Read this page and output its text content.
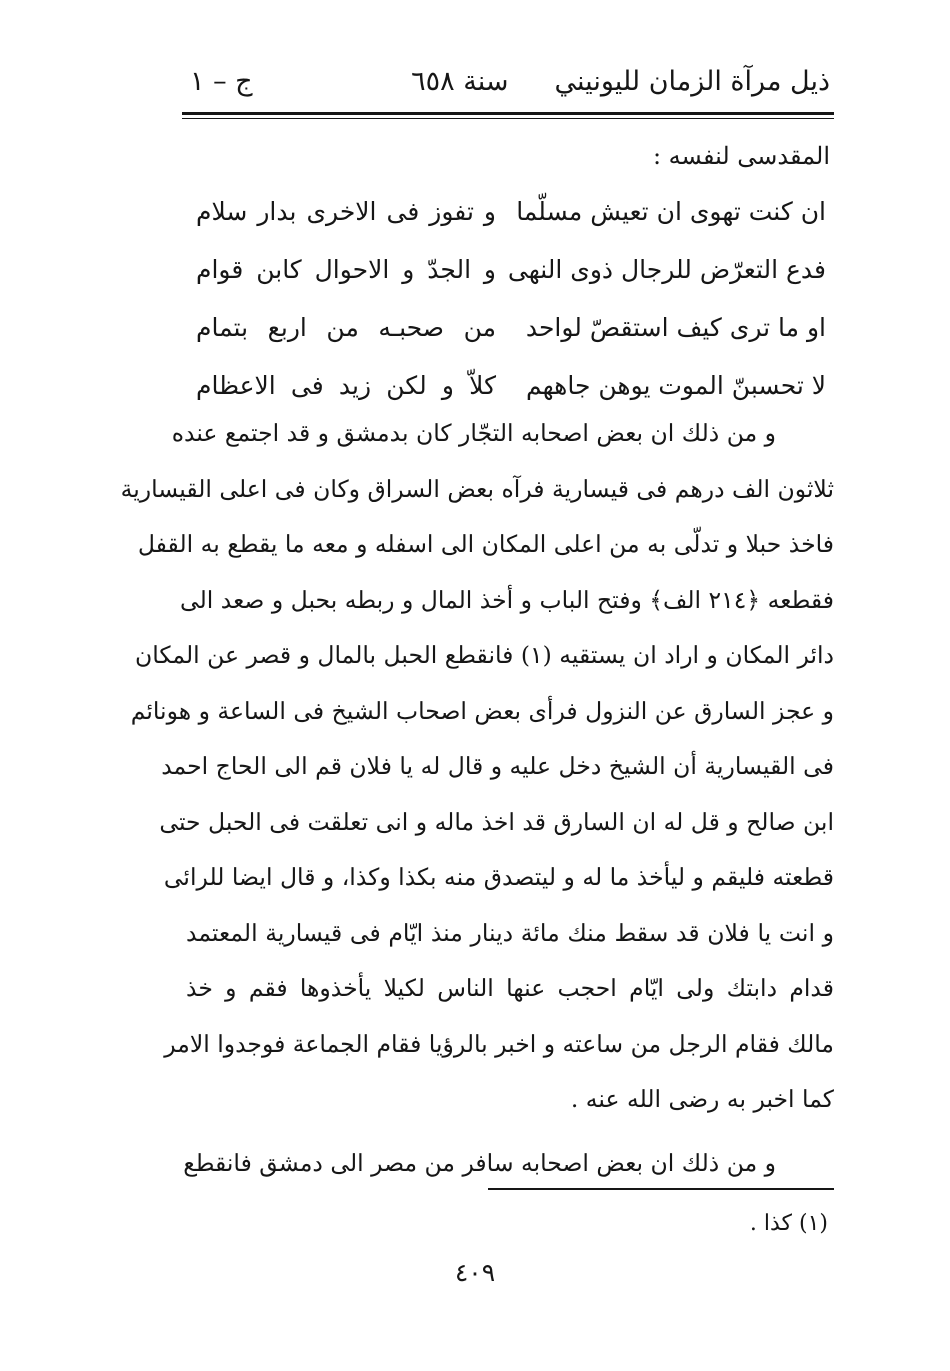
ذيل مرآة الزمان لليونيني
سنة ٦٥٨
ج – ١
المقدسى لنفسه :
ان كنت تهوى ان تعيش مسلّما
و تفوز فى الاخرى بدار سلام
فدع التعرّض للرجال ذوى النهى
و الجدّ و الاحوال كابن قوام
او ما ترى كيف استقصّ لواحد
من صحبـه من اربع بتمام
لا تحسبنّ الموت يوهن جاههم
كلاّ و لكن زيد فى الاعظام
و من ذلك ان بعض اصحابه التجّار كان بدمشق و قد اجتمع عنده
ثلاثون الف درهم فى قيسارية فرآه بعض السراق وكان فى اعلى القيسارية
فاخذ حبلا و تدلّى به من اعلى المكان الى اسفله و معه ما يقطع به القفل
فقطعه ﴿٢١٤ الف﴾ وفتح الباب و أخذ المال و ربطه بحبل و صعد الى
دائر المكان و اراد ان يستقيه (١) فانقطع الحبل بالمال و قصر عن المكان
و عجز السارق عن النزول فرأى بعض اصحاب الشيخ فى الساعة و هونائم
فى القيسارية أن الشيخ دخل عليه و قال له يا فلان قم الى الحاج احمد
ابن صالح و قل له ان السارق قد اخذ ماله و انى تعلقت فى الحبل حتى
قطعته فليقم و ليأخذ ما له و ليتصدق منه بكذا وكذا، و قال ايضا للرائى
و انت يا فلان قد سقط منك مائة دينار منذ ايّام فى قيسارية المعتمد
قدام دابتك ولى ايّام احجب عنها الناس لكيلا يأخذوها فقم و خذ
مالك فقام الرجل من ساعته و اخبر بالرؤيا فقام الجماعة فوجدوا الامر
كما اخبر به رضى الله عنه .
و من ذلك ان بعض اصحابه سافر من مصر الى دمشق فانقطع
(١) كذا .
٤٠٩
